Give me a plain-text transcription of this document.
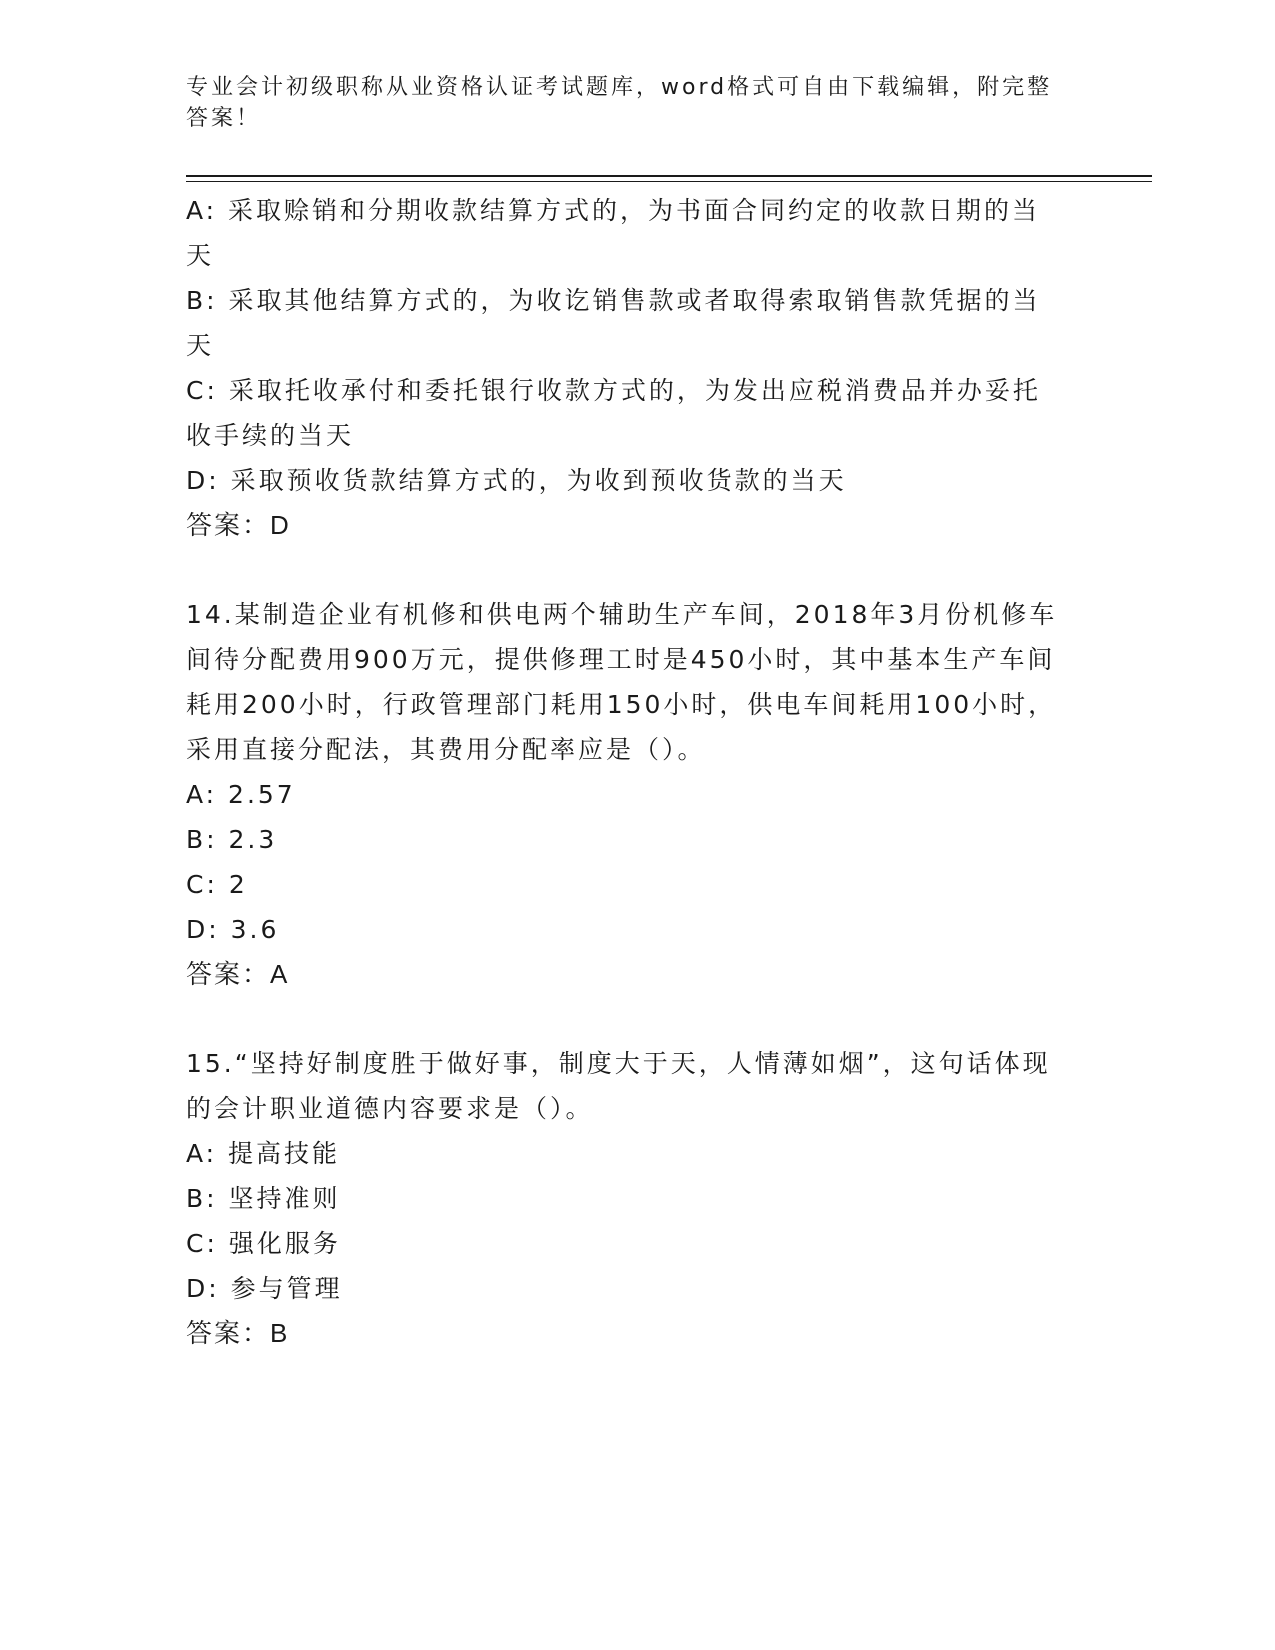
专业会计初级职称从业资格认证考试题库，word格式可自由下载编辑，附完整答案！
A: 采取赊销和分期收款结算方式的，为书面合同约定的收款日期的当天
B: 采取其他结算方式的，为收讫销售款或者取得索取销售款凭据的当天
C: 采取托收承付和委托银行收款方式的，为发出应税消费品并办妥托收手续的当天
D: 采取预收货款结算方式的，为收到预收货款的当天
答案：D
14.某制造企业有机修和供电两个辅助生产车间，2018年3月份机修车间待分配费用900万元，提供修理工时是450小时，其中基本生产车间耗用200小时，行政管理部门耗用150小时，供电车间耗用100小时，采用直接分配法，其费用分配率应是（）。
A: 2.57
B: 2.3
C: 2
D: 3.6
答案：A
15.“坚持好制度胜于做好事，制度大于天，人情薄如烟”，这句话体现的会计职业道德内容要求是（）。
A: 提高技能
B: 坚持准则
C: 强化服务
D: 参与管理
答案：B
